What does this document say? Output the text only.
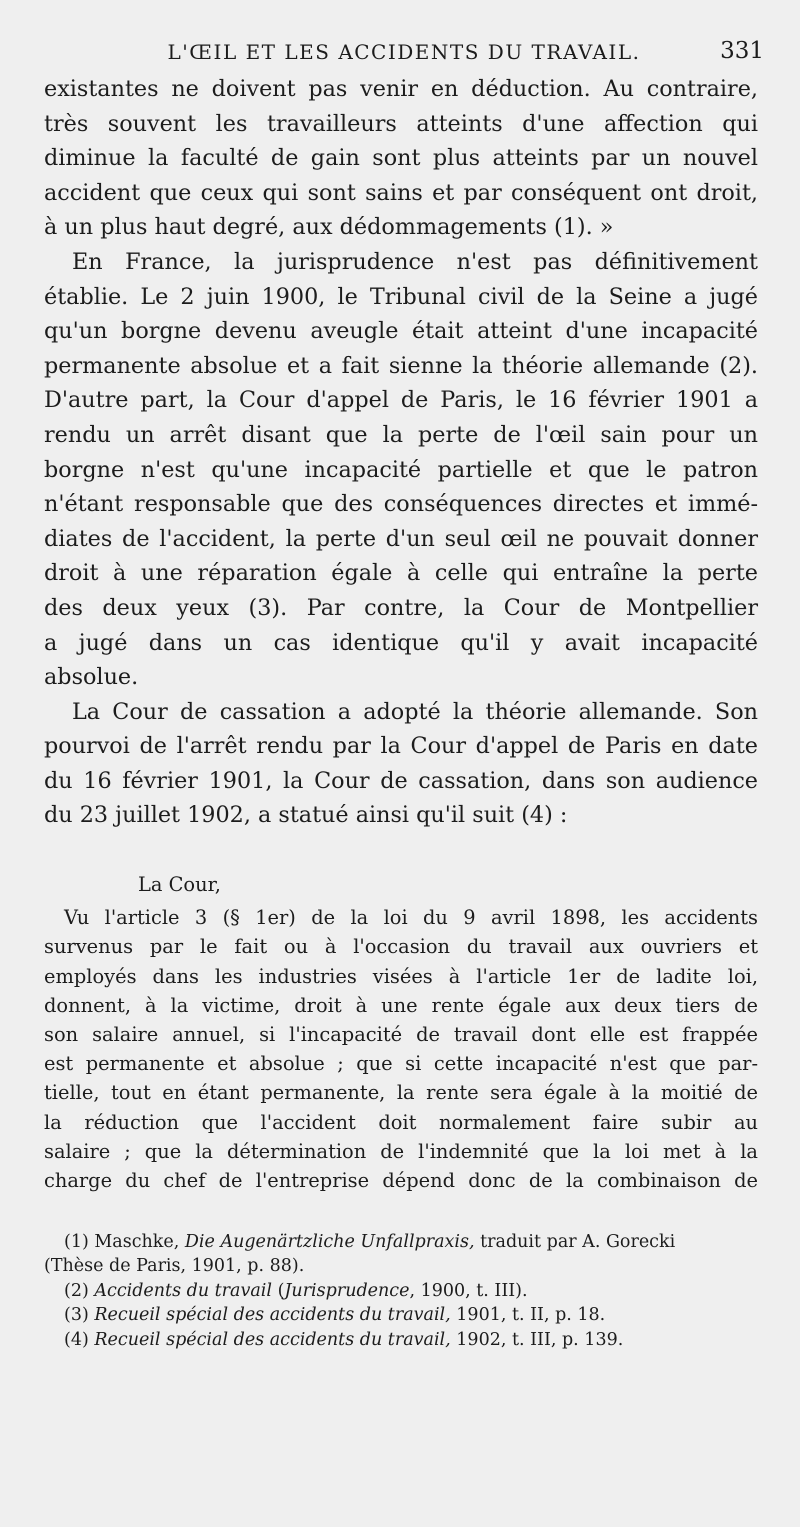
L'ŒIL ET LES ACCIDENTS DU TRAVAIL.	331
existantes ne doivent pas venir en déduction. Au contraire,
très souvent les travailleurs atteints d'une affection qui
diminue la faculté de gain sont plus atteints par un nouvel
accident que ceux qui sont sains et par conséquent ont droit,
à un plus haut degré, aux dédommagements (1). »
En France, la jurisprudence n'est pas définitivement
établie. Le 2 juin 1900, le Tribunal civil de la Seine a jugé
qu'un borgne devenu aveugle était atteint d'une incapacité
permanente absolue et a fait sienne la théorie allemande (2).
D'autre part, la Cour d'appel de Paris, le 16 février 1901 a
rendu un arrêt disant que la perte de l'œil sain pour un
borgne n'est qu'une incapacité partielle et que le patron
n'étant responsable que des conséquences directes et immé-
diates de l'accident, la perte d'un seul œil ne pouvait donner
droit à une réparation égale à celle qui entraîne la perte
des deux yeux (3). Par contre, la Cour de Montpellier
a jugé dans un cas identique qu'il y avait incapacité
absolue.
La Cour de cassation a adopté la théorie allemande. Son
pourvoi de l'arrêt rendu par la Cour d'appel de Paris en date
du 16 février 1901, la Cour de cassation, dans son audience
du 23 juillet 1902, a statué ainsi qu'il suit (4) :
La Cour,
Vu l'article 3 (§ 1er) de la loi du 9 avril 1898, les accidents
survenus par le fait ou à l'occasion du travail aux ouvriers et
employés dans les industries visées à l'article 1er de ladite loi,
donnent, à la victime, droit à une rente égale aux deux tiers de
son salaire annuel, si l'incapacité de travail dont elle est frappée
est permanente et absolue ; que si cette incapacité n'est que par-
tielle, tout en étant permanente, la rente sera égale à la moitié de
la réduction que l'accident doit normalement faire subir au
salaire ; que la détermination de l'indemnité que la loi met à la
charge du chef de l'entreprise dépend donc de la combinaison de
(1) Maschke, Die Augenärtzliche Unfallpraxis, traduit par A. Gorecki
(Thèse de Paris, 1901, p. 88).
(2) Accidents du travail (Jurisprudence, 1900, t. III).
(3) Recueil spécial des accidents du travail, 1901, t. II, p. 18.
(4) Recueil spécial des accidents du travail, 1902, t. III, p. 139.
